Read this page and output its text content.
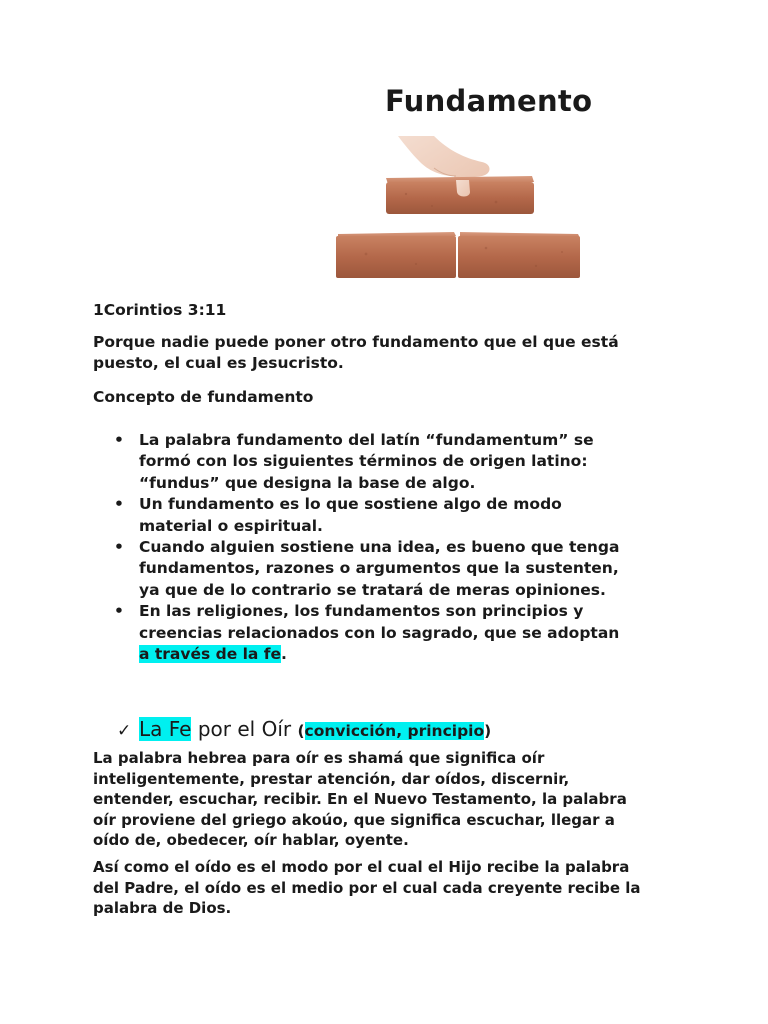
Fundamento

1Corintios 3:11

Porque nadie puede poner otro fundamento que el que está
puesto, el cual es Jesucristo.

Concepto de fundamento

• La palabra fundamento del latín “fundamentum” se
formó con los siguientes términos de origen latino:
“fundus” que designa la base de algo.
• Un fundamento es lo que sostiene algo de modo
material o espiritual.
• Cuando alguien sostiene una idea, es bueno que tenga
fundamentos, razones o argumentos que la sustenten,
ya que de lo contrario se tratará de meras opiniones.
• En las religiones, los fundamentos son principios y
creencias relacionados con lo sagrado, que se adoptan
a través de la fe.
✓ La Fe por el Oír (convicción, principio)

La palabra hebrea para oír es shamá que significa oír
inteligentemente, prestar atención, dar oídos, discernir,
entender, escuchar, recibir. En el Nuevo Testamento, la palabra
oír proviene del griego akoúo, que significa escuchar, llegar a
oído de, obedecer, oír hablar, oyente.

Así como el oído es el modo por el cual el Hijo recibe la palabra
del Padre, el oído es el medio por el cual cada creyente recibe la
palabra de Dios.
